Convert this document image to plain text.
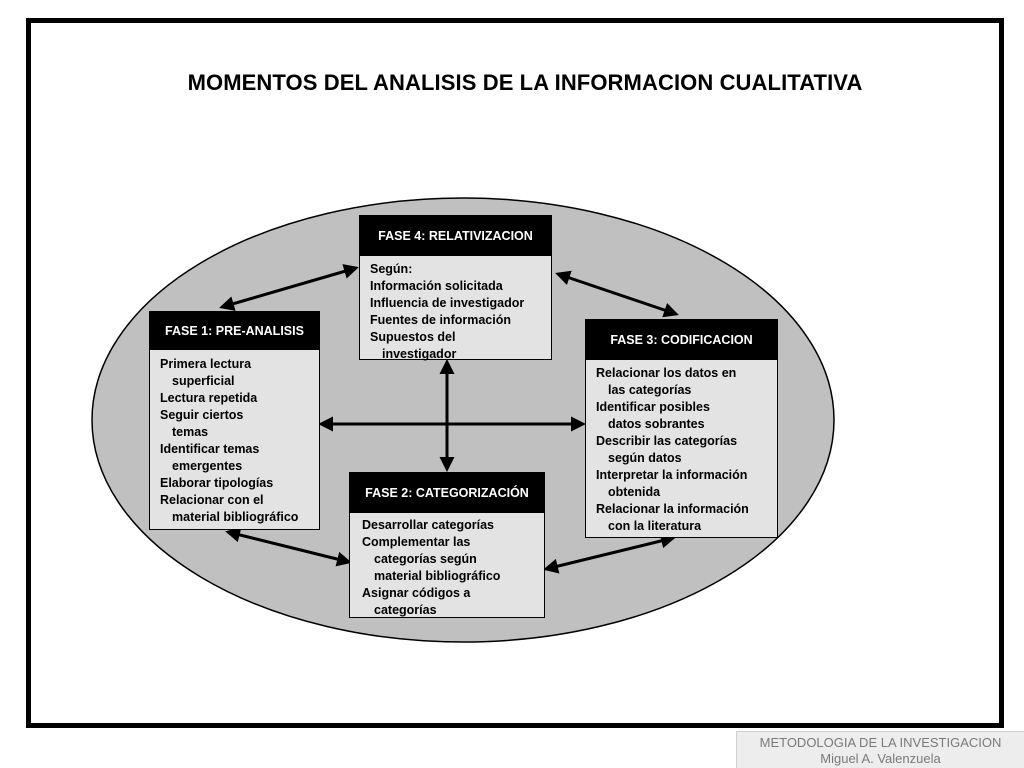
MOMENTOS DEL ANALISIS DE LA INFORMACION CUALITATIVA
FASE 1: PRE-ANALISIS
Primera lectura
superficial
Lectura repetida
Seguir ciertos
temas
Identificar temas
emergentes
Elaborar tipologías
Relacionar con el
material bibliográfico
FASE 4: RELATIVIZACION
Según:
Información solicitada
Influencia de investigador
Fuentes de información
Supuestos del
investigador
FASE 3: CODIFICACION
Relacionar los datos en
las categorías
Identificar posibles
datos sobrantes
Describir las categorías
según datos
Interpretar la información
obtenida
Relacionar la información
con la literatura
FASE 2: CATEGORIZACIÓN
Desarrollar categorías
Complementar las
categorías según
material bibliográfico
Asignar códigos a
categorías
METODOLOGIA DE LA INVESTIGACION
Miguel A. Valenzuela
